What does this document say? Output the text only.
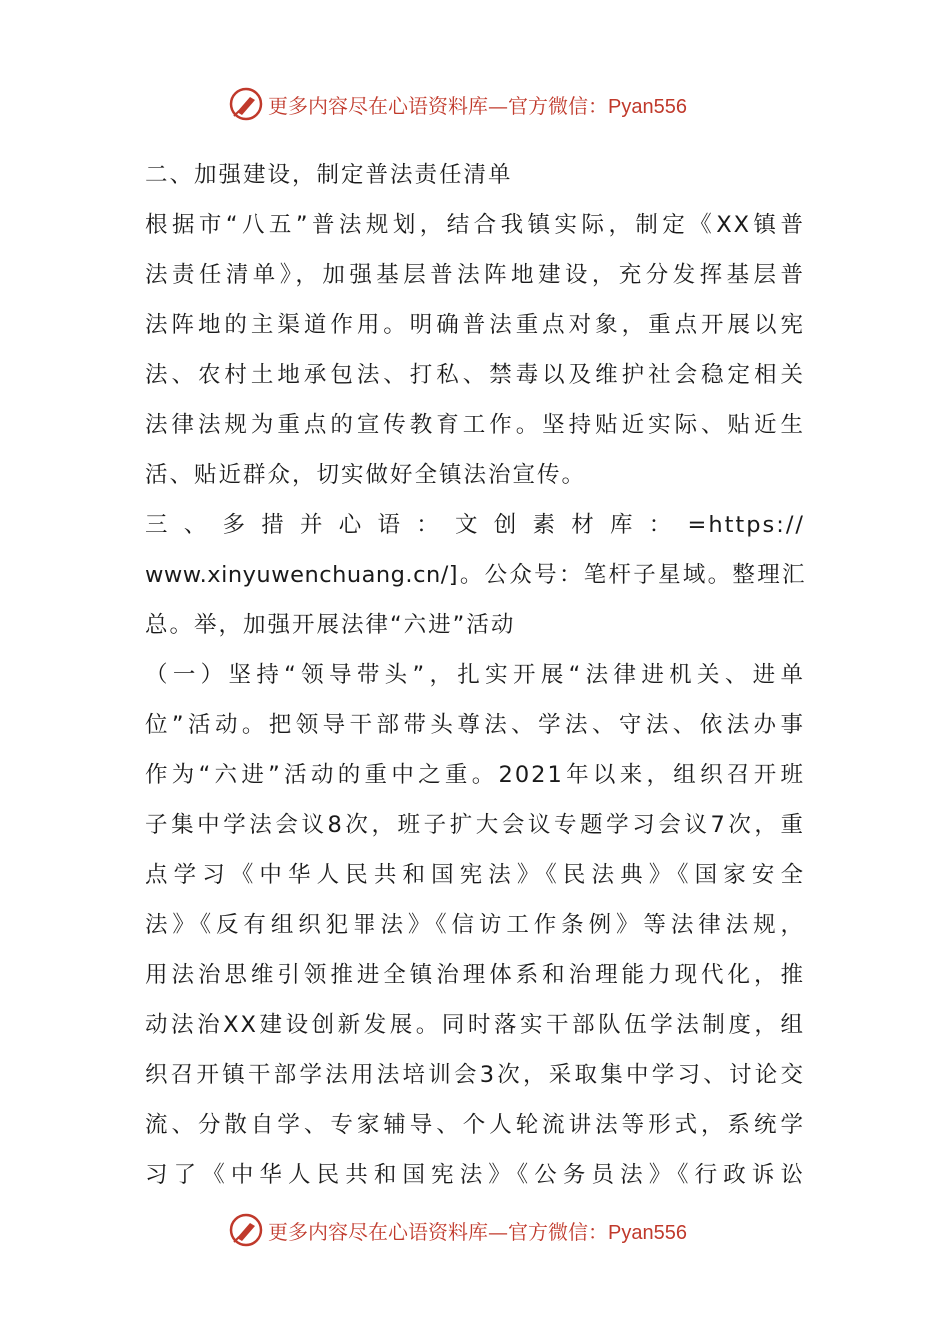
更多内容尽在心语资料库—官方微信：Pyan556

二、加强建设，制定普法责任清单

根据市“八五”普法规划，结合我镇实际，制定《XX镇普

法责任清单》，加强基层普法阵地建设，充分发挥基层普

法阵地的主渠道作用。明确普法重点对象，重点开展以宪

法、农村土地承包法、打私、禁毒以及维护社会稳定相关

法律法规为重点的宣传教育工作。坚持贴近实际、贴近生

活、贴近群众，切实做好全镇法治宣传。

三、多措并心语：文创素材库：=https://

www.xinyuwenchuang.cn/]。公众号：笔杆子星域。整理汇

总。举，加强开展法律“六进”活动

（一）坚持“领导带头”，扎实开展“法律进机关、进单

位”活动。把领导干部带头尊法、学法、守法、依法办事

作为“六进”活动的重中之重。2021年以来，组织召开班

子集中学法会议8次，班子扩大会议专题学习会议7次，重

点学习《中华人民共和国宪法》《民法典》《国家安全

法》《反有组织犯罪法》《信访工作条例》等法律法规，

用法治思维引领推进全镇治理体系和治理能力现代化，推

动法治XX建设创新发展。同时落实干部队伍学法制度，组

织召开镇干部学法用法培训会3次，采取集中学习、讨论交

流、分散自学、专家辅导、个人轮流讲法等形式，系统学

习了《中华人民共和国宪法》《公务员法》《行政诉讼

更多内容尽在心语资料库—官方微信：Pyan556
